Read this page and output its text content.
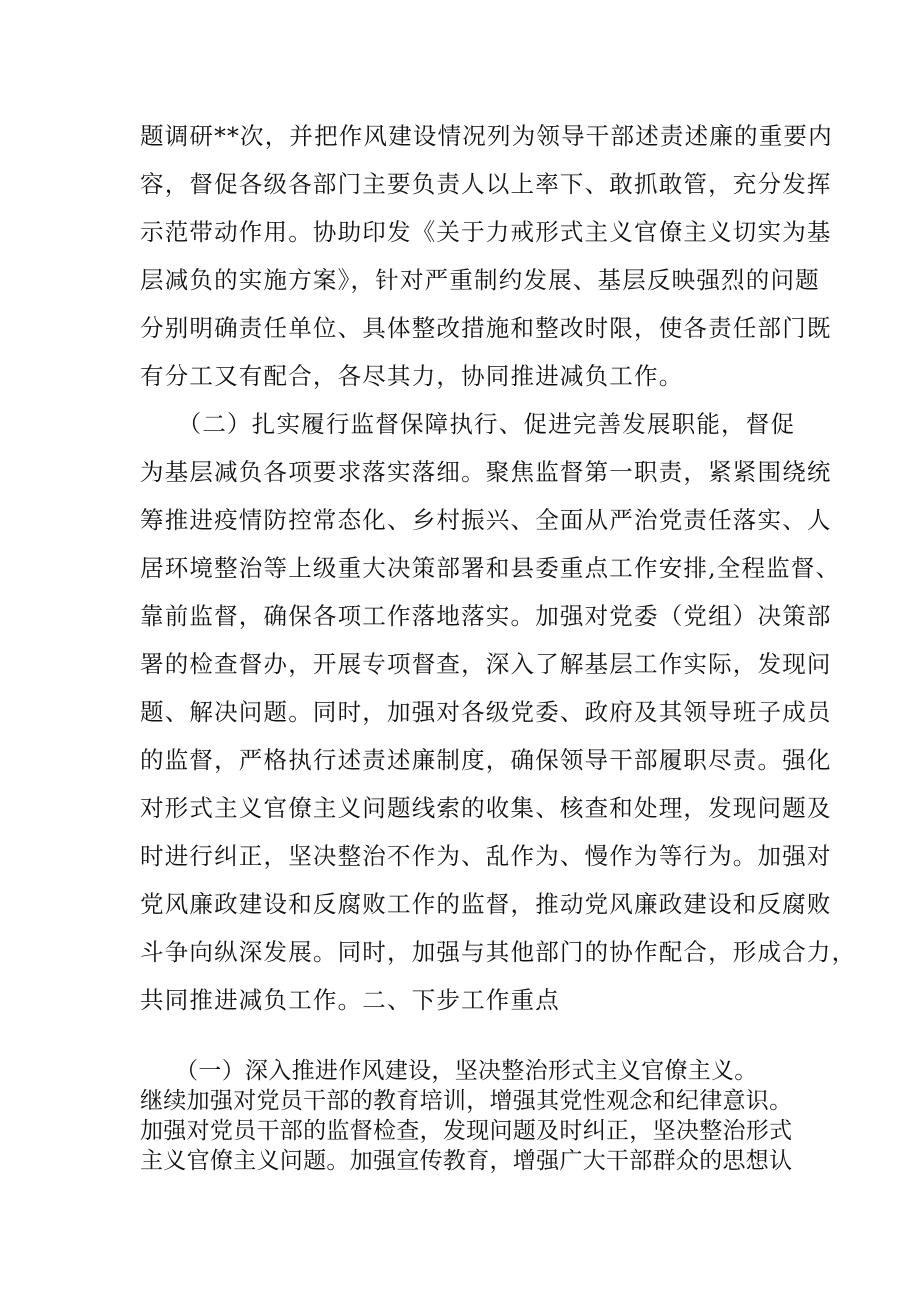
题调研**次，并把作风建设情况列为领导干部述责述廉的重要内
容，督促各级各部门主要负责人以上率下、敢抓敢管，充分发挥
示范带动作用。协助印发《关于力戒形式主义官僚主义切实为基
层减负的实施方案》，针对严重制约发展、基层反映强烈的问题
分别明确责任单位、具体整改措施和整改时限，使各责任部门既
有分工又有配合，各尽其力，协同推进减负工作。
　　（二）扎实履行监督保障执行、促进完善发展职能，督促
为基层减负各项要求落实落细。聚焦监督第一职责，紧紧围绕统
筹推进疫情防控常态化、乡村振兴、全面从严治党责任落实、人
居环境整治等上级重大决策部署和县委重点工作安排,全程监督、
靠前监督，确保各项工作落地落实。加强对党委（党组）决策部
署的检查督办，开展专项督查，深入了解基层工作实际，发现问
题、解决问题。同时，加强对各级党委、政府及其领导班子成员
的监督，严格执行述责述廉制度，确保领导干部履职尽责。强化
对形式主义官僚主义问题线索的收集、核查和处理，发现问题及
时进行纠正，坚决整治不作为、乱作为、慢作为等行为。加强对
党风廉政建设和反腐败工作的监督，推动党风廉政建设和反腐败
斗争向纵深发展。同时，加强与其他部门的协作配合，形成合力，
共同推进减负工作。二、下步工作重点
　　（一）深入推进作风建设，坚决整治形式主义官僚主义。
继续加强对党员干部的教育培训，增强其党性观念和纪律意识。
加强对党员干部的监督检查，发现问题及时纠正，坚决整治形式
主义官僚主义问题。加强宣传教育，增强广大干部群众的思想认
